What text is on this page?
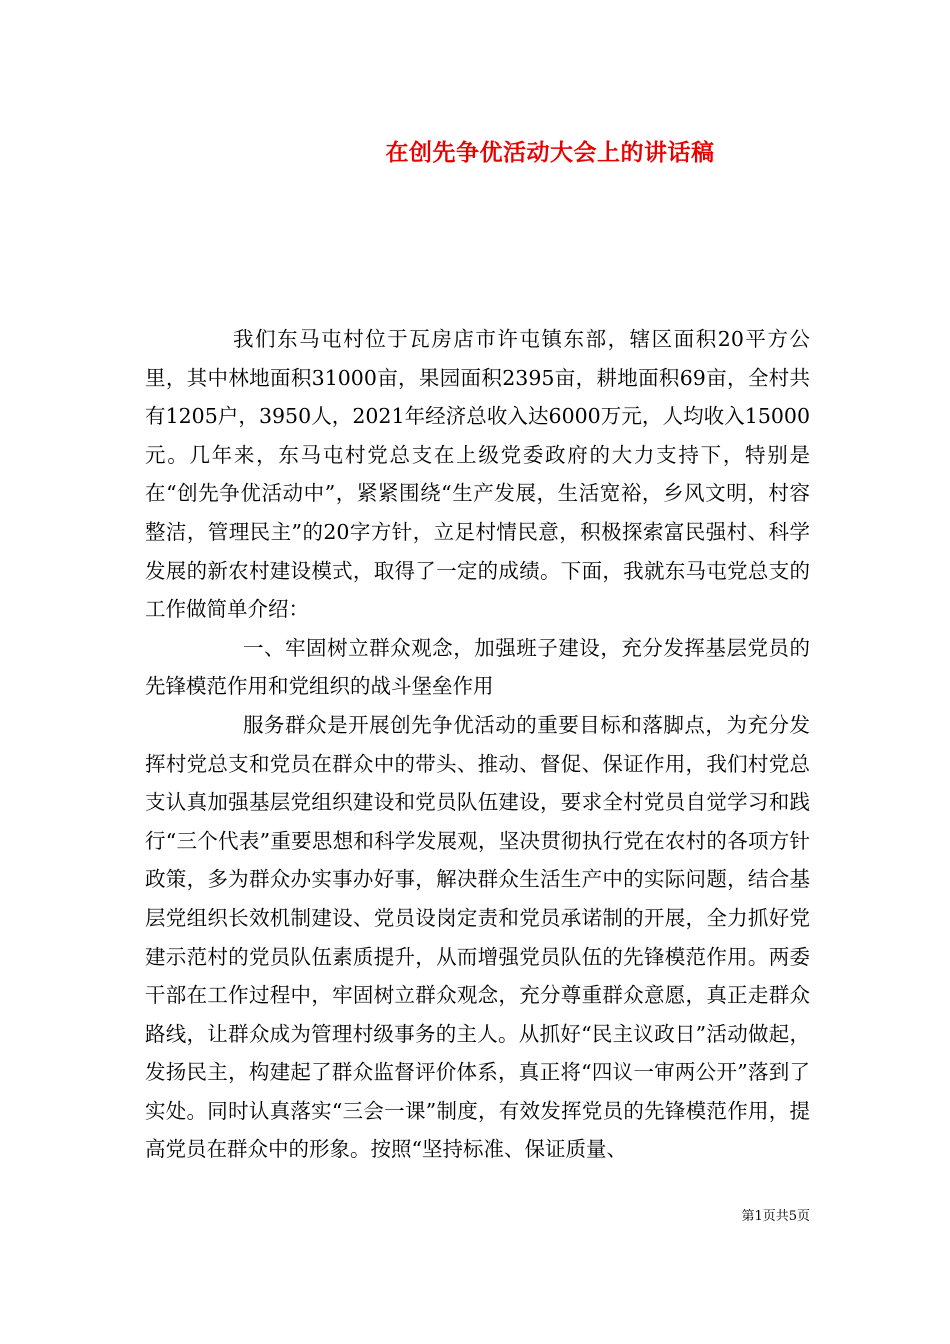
在创先争优活动大会上的讲话稿

我们东马屯村位于瓦房店市许屯镇东部，辖区面积20平方公里，其中林地面积31000亩，果园面积2395亩，耕地面积69亩，全村共有1205户，3950人，2021年经济总收入达6000万元，人均收入15000元。几年来，东马屯村党总支在上级党委政府的大力支持下，特别是在“创先争优活动中”，紧紧围绕“生产发展，生活宽裕，乡风文明，村容整洁，管理民主”的20字方针，立足村情民意，积极探索富民强村、科学发展的新农村建设模式，取得了一定的成绩。下面，我就东马屯党总支的工作做简单介绍：

一、牢固树立群众观念，加强班子建设，充分发挥基层党员的先锋模范作用和党组织的战斗堡垒作用

服务群众是开展创先争优活动的重要目标和落脚点，为充分发挥村党总支和党员在群众中的带头、推动、督促、保证作用，我们村党总支认真加强基层党组织建设和党员队伍建设，要求全村党员自觉学习和践行“三个代表”重要思想和科学发展观，坚决贯彻执行党在农村的各项方针政策，多为群众办实事办好事，解决群众生活生产中的实际问题，结合基层党组织长效机制建设、党员设岗定责和党员承诺制的开展，全力抓好党建示范村的党员队伍素质提升，从而增强党员队伍的先锋模范作用。两委干部在工作过程中，牢固树立群众观念，充分尊重群众意愿，真正走群众路线，让群众成为管理村级事务的主人。从抓好“民主议政日”活动做起，发扬民主，构建起了群众监督评价体系，真正将“四议一审两公开”落到了实处。同时认真落实“三会一课”制度，有效发挥党员的先锋模范作用，提高党员在群众中的形象。按照“坚持标准、保证质量、

第1页共5页
